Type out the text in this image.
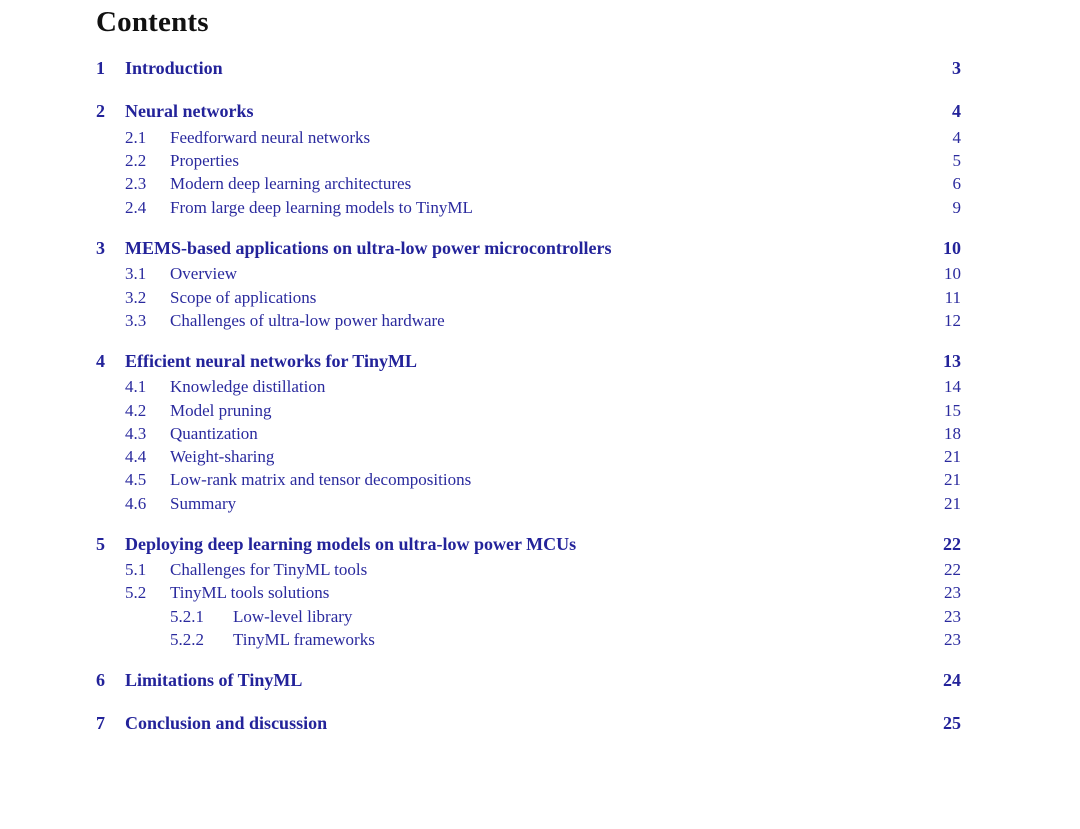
Contents
1	Introduction	3
2	Neural networks	4
2.1	Feedforward neural networks	4
2.2	Properties	5
2.3	Modern deep learning architectures	6
2.4	From large deep learning models to TinyML	9
3	MEMS-based applications on ultra-low power microcontrollers	10
3.1	Overview	10
3.2	Scope of applications	11
3.3	Challenges of ultra-low power hardware	12
4	Efficient neural networks for TinyML	13
4.1	Knowledge distillation	14
4.2	Model pruning	15
4.3	Quantization	18
4.4	Weight-sharing	21
4.5	Low-rank matrix and tensor decompositions	21
4.6	Summary	21
5	Deploying deep learning models on ultra-low power MCUs	22
5.1	Challenges for TinyML tools	22
5.2	TinyML tools solutions	23
5.2.1	Low-level library	23
5.2.2	TinyML frameworks	23
6	Limitations of TinyML	24
7	Conclusion and discussion	25
